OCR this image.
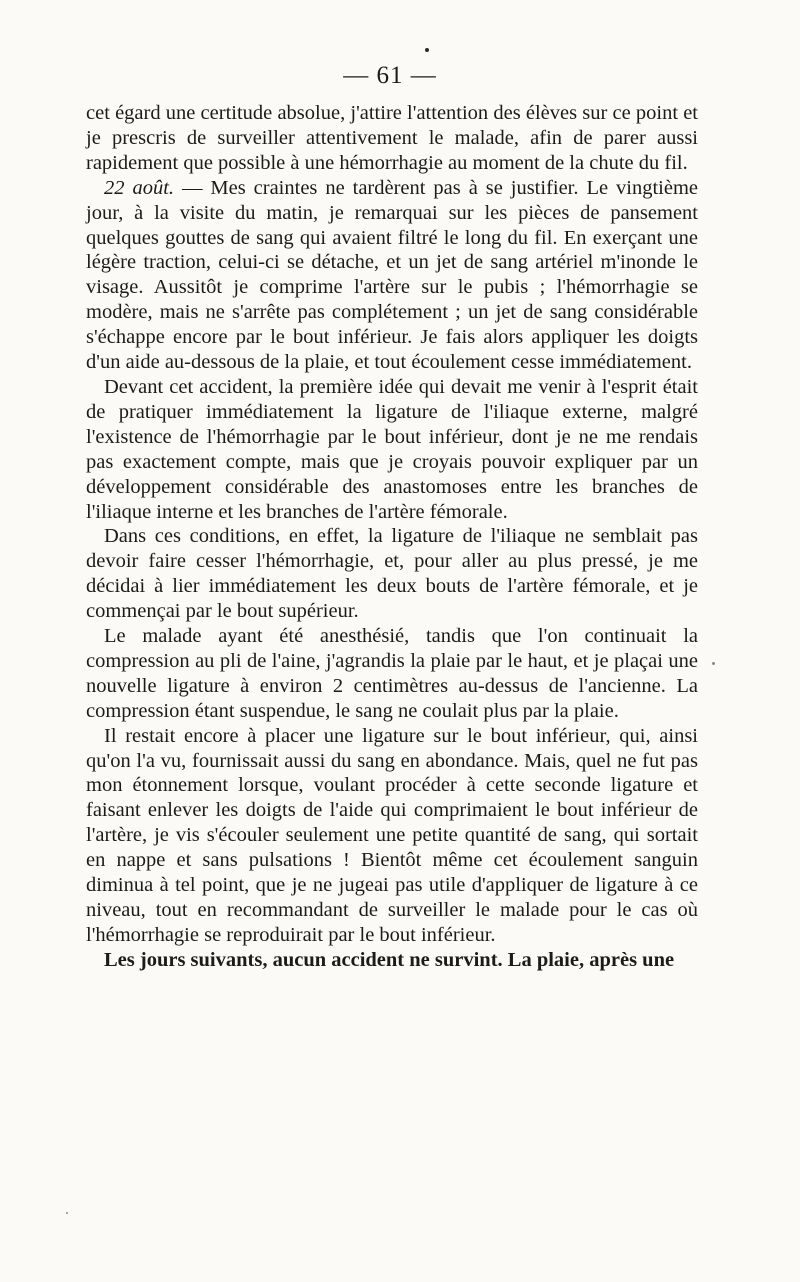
— 61 —

cet égard une certitude absolue, j'attire l'attention des élèves sur ce point et je prescris de surveiller attentivement le malade, afin de parer aussi rapidement que possible à une hémorrhagie au moment de la chute du fil.

22 août. — Mes craintes ne tardèrent pas à se justifier. Le vingtième jour, à la visite du matin, je remarquai sur les pièces de pansement quelques gouttes de sang qui avaient filtré le long du fil. En exerçant une légère traction, celui-ci se détache, et un jet de sang artériel m'inonde le visage. Aussitôt je comprime l'artère sur le pubis ; l'hémorrhagie se modère, mais ne s'arrête pas complétement ; un jet de sang considérable s'échappe encore par le bout inférieur. Je fais alors appliquer les doigts d'un aide au-dessous de la plaie, et tout écoulement cesse immédiatement.

Devant cet accident, la première idée qui devait me venir à l'esprit était de pratiquer immédiatement la ligature de l'iliaque externe, malgré l'existence de l'hémorrhagie par le bout inférieur, dont je ne me rendais pas exactement compte, mais que je croyais pouvoir expliquer par un développement considérable des anastomoses entre les branches de l'iliaque interne et les branches de l'artère fémorale.

Dans ces conditions, en effet, la ligature de l'iliaque ne semblait pas devoir faire cesser l'hémorrhagie, et, pour aller au plus pressé, je me décidai à lier immédiatement les deux bouts de l'artère fémorale, et je commençai par le bout supérieur.

Le malade ayant été anesthésié, tandis que l'on continuait la compression au pli de l'aine, j'agrandis la plaie par le haut, et je plaçai une nouvelle ligature à environ 2 centimètres au-dessus de l'ancienne. La compression étant suspendue, le sang ne coulait plus par la plaie.

Il restait encore à placer une ligature sur le bout inférieur, qui, ainsi qu'on l'a vu, fournissait aussi du sang en abondance. Mais, quel ne fut pas mon étonnement lorsque, voulant procéder à cette seconde ligature et faisant enlever les doigts de l'aide qui comprimaient le bout inférieur de l'artère, je vis s'écouler seulement une petite quantité de sang, qui sortait en nappe et sans pulsations ! Bientôt même cet écoulement sanguin diminua à tel point, que je ne jugeai pas utile d'appliquer de ligature à ce niveau, tout en recommandant de surveiller le malade pour le cas où l'hémorrhagie se reproduirait par le bout inférieur.

Les jours suivants, aucun accident ne survint. La plaie, après une
